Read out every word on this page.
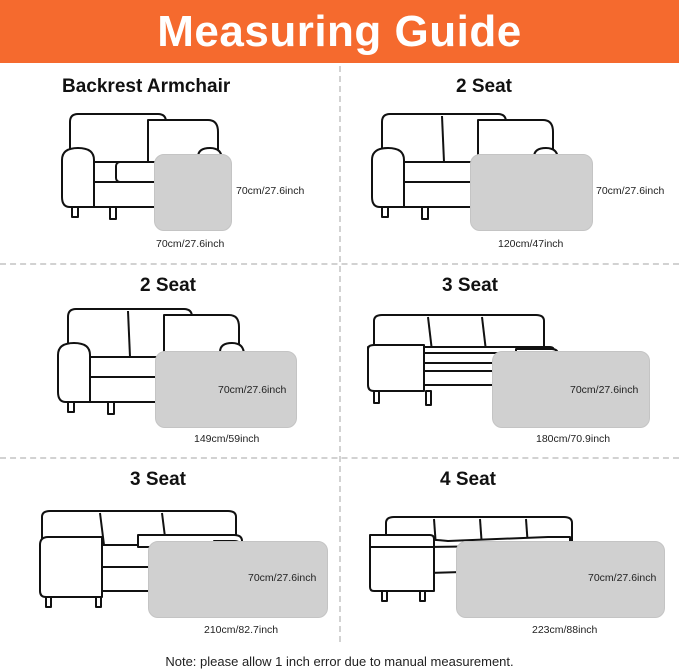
Measuring Guide
Backrest Armchair
70cm/27.6inch
70cm/27.6inch
2 Seat
70cm/27.6inch
120cm/47inch
2 Seat
70cm/27.6inch
149cm/59inch
3 Seat
70cm/27.6inch
180cm/70.9inch
3 Seat
70cm/27.6inch
210cm/82.7inch
4 Seat
70cm/27.6inch
223cm/88inch
Note: please allow 1 inch error due to manual measurement.
